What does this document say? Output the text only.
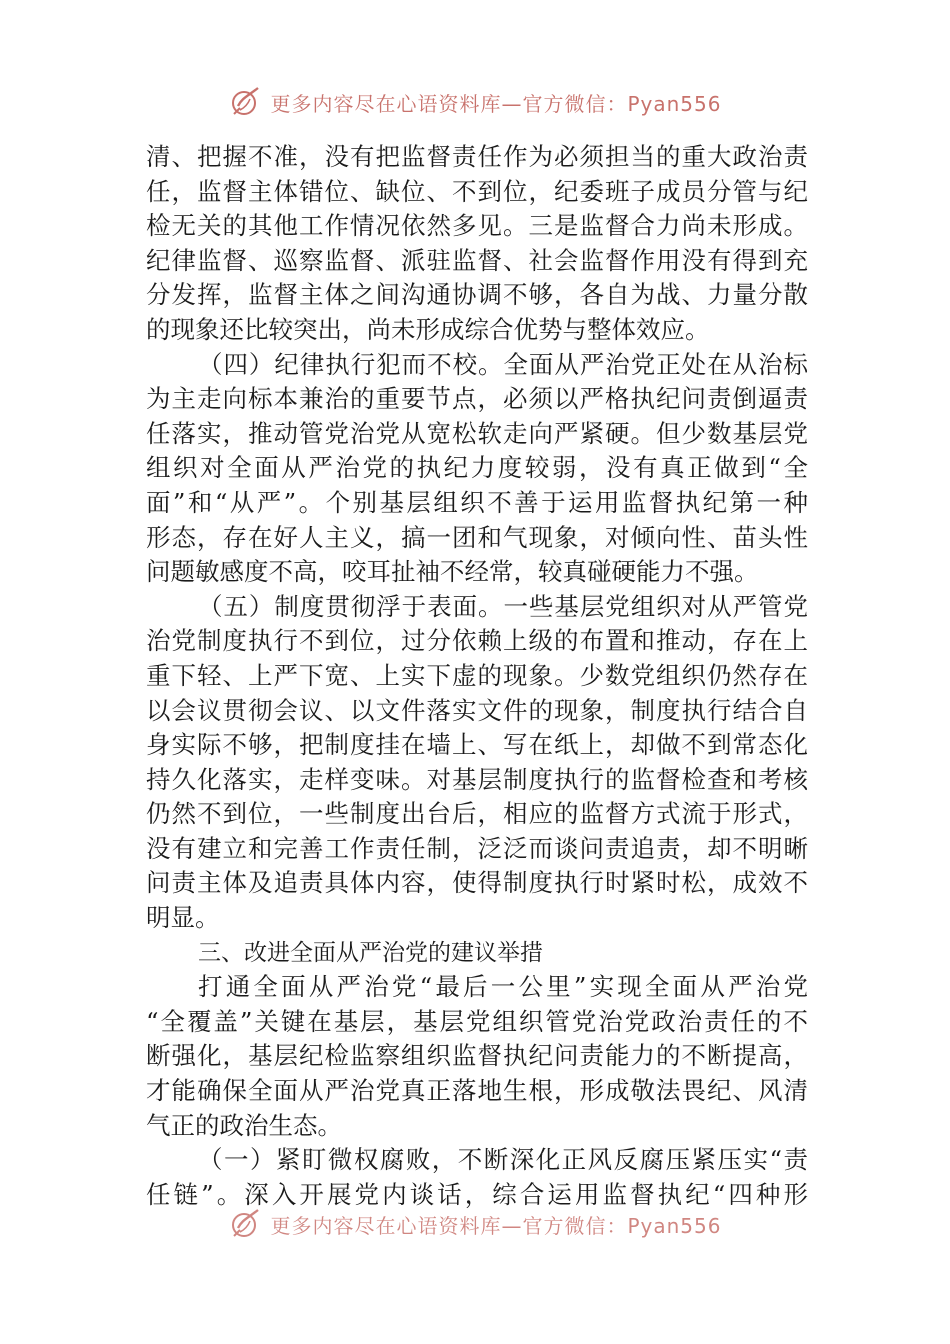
更多内容尽在心语资料库—官方微信：Pyan556
清、把握不准，没有把监督责任作为必须担当的重大政治责
任，监督主体错位、缺位、不到位，纪委班子成员分管与纪
检无关的其他工作情况依然多见。三是监督合力尚未形成。
纪律监督、巡察监督、派驻监督、社会监督作用没有得到充
分发挥，监督主体之间沟通协调不够，各自为战、力量分散
的现象还比较突出，尚未形成综合优势与整体效应。
（四）纪律执行犯而不校。全面从严治党正处在从治标
为主走向标本兼治的重要节点，必须以严格执纪问责倒逼责
任落实，推动管党治党从宽松软走向严紧硬。但少数基层党
组织对全面从严治党的执纪力度较弱，没有真正做到“全
面”和“从严”。个别基层组织不善于运用监督执纪第一种
形态，存在好人主义，搞一团和气现象，对倾向性、苗头性
问题敏感度不高，咬耳扯袖不经常，较真碰硬能力不强。
（五）制度贯彻浮于表面。一些基层党组织对从严管党
治党制度执行不到位，过分依赖上级的布置和推动，存在上
重下轻、上严下宽、上实下虚的现象。少数党组织仍然存在
以会议贯彻会议、以文件落实文件的现象，制度执行结合自
身实际不够，把制度挂在墙上、写在纸上，却做不到常态化
持久化落实，走样变味。对基层制度执行的监督检查和考核
仍然不到位，一些制度出台后，相应的监督方式流于形式，
没有建立和完善工作责任制，泛泛而谈问责追责，却不明晰
问责主体及追责具体内容，使得制度执行时紧时松，成效不
明显。
三、改进全面从严治党的建议举措
打通全面从严治党“最后一公里”实现全面从严治党
“全覆盖”关键在基层，基层党组织管党治党政治责任的不
断强化，基层纪检监察组织监督执纪问责能力的不断提高，
才能确保全面从严治党真正落地生根，形成敬法畏纪、风清
气正的政治生态。
（一）紧盯微权腐败，不断深化正风反腐压紧压实“责
任链”。深入开展党内谈话，综合运用监督执纪“四种形
更多内容尽在心语资料库—官方微信：Pyan556
